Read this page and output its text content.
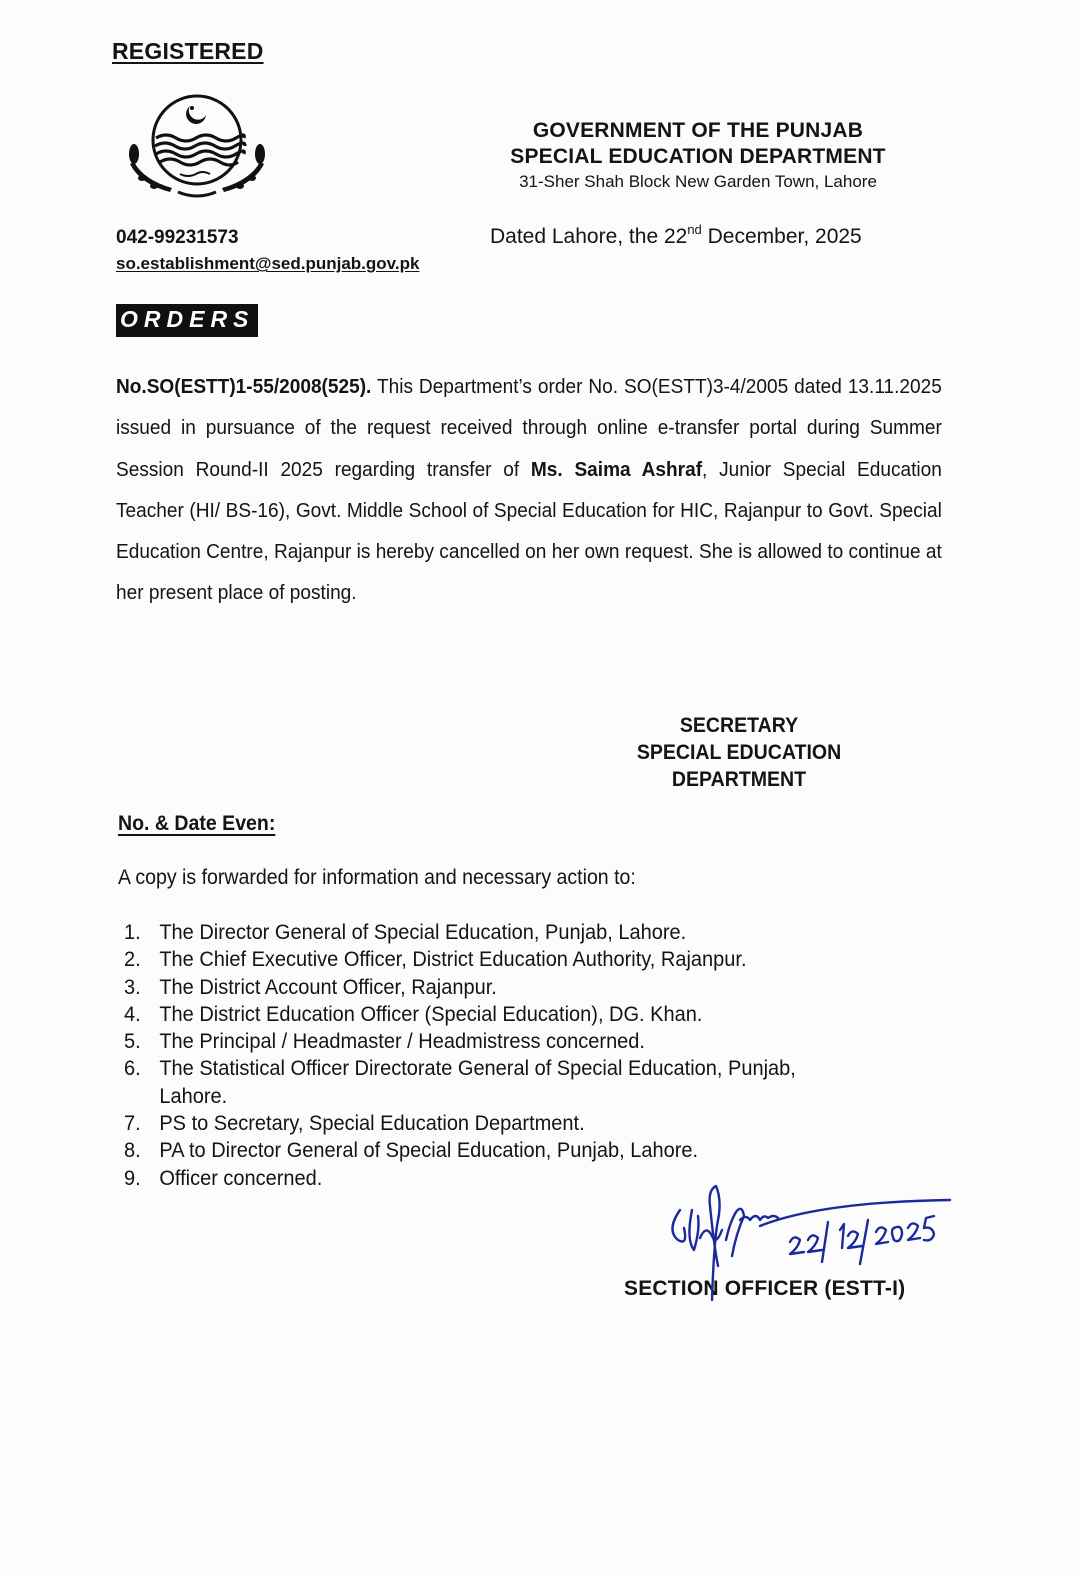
REGISTERED
GOVERNMENT OF THE PUNJAB
SPECIAL EDUCATION DEPARTMENT
31-Sher Shah Block New Garden Town, Lahore
042-99231573
so.establishment@sed.punjab.gov.pk
Dated Lahore, the 22nd December, 2025
ORDERS
No.SO(ESTT)1-55/2008(525). This Department’s order No. SO(ESTT)3-4/2005 dated 13.11.2025 issued in pursuance of the request received through online e-transfer portal during Summer Session Round-II 2025 regarding transfer of Ms. Saima Ashraf, Junior Special Education Teacher (HI/ BS-16), Govt. Middle School of Special Education for HIC, Rajanpur to Govt. Special Education Centre, Rajanpur is hereby cancelled on her own request. She is allowed to continue at her present place of posting.
SECRETARY
SPECIAL EDUCATION
DEPARTMENT
No. & Date Even:
A copy is forwarded for information and necessary action to:
1. The Director General of Special Education, Punjab, Lahore.
2. The Chief Executive Officer, District Education Authority, Rajanpur.
3. The District Account Officer, Rajanpur.
4. The District Education Officer (Special Education), DG. Khan.
5. The Principal / Headmaster / Headmistress concerned.
6. The Statistical Officer Directorate General of Special Education, Punjab, Lahore.
7. PS to Secretary, Special Education Department.
8. PA to Director General of Special Education, Punjab, Lahore.
9. Officer concerned.
SECTION OFFICER (ESTT-I)
